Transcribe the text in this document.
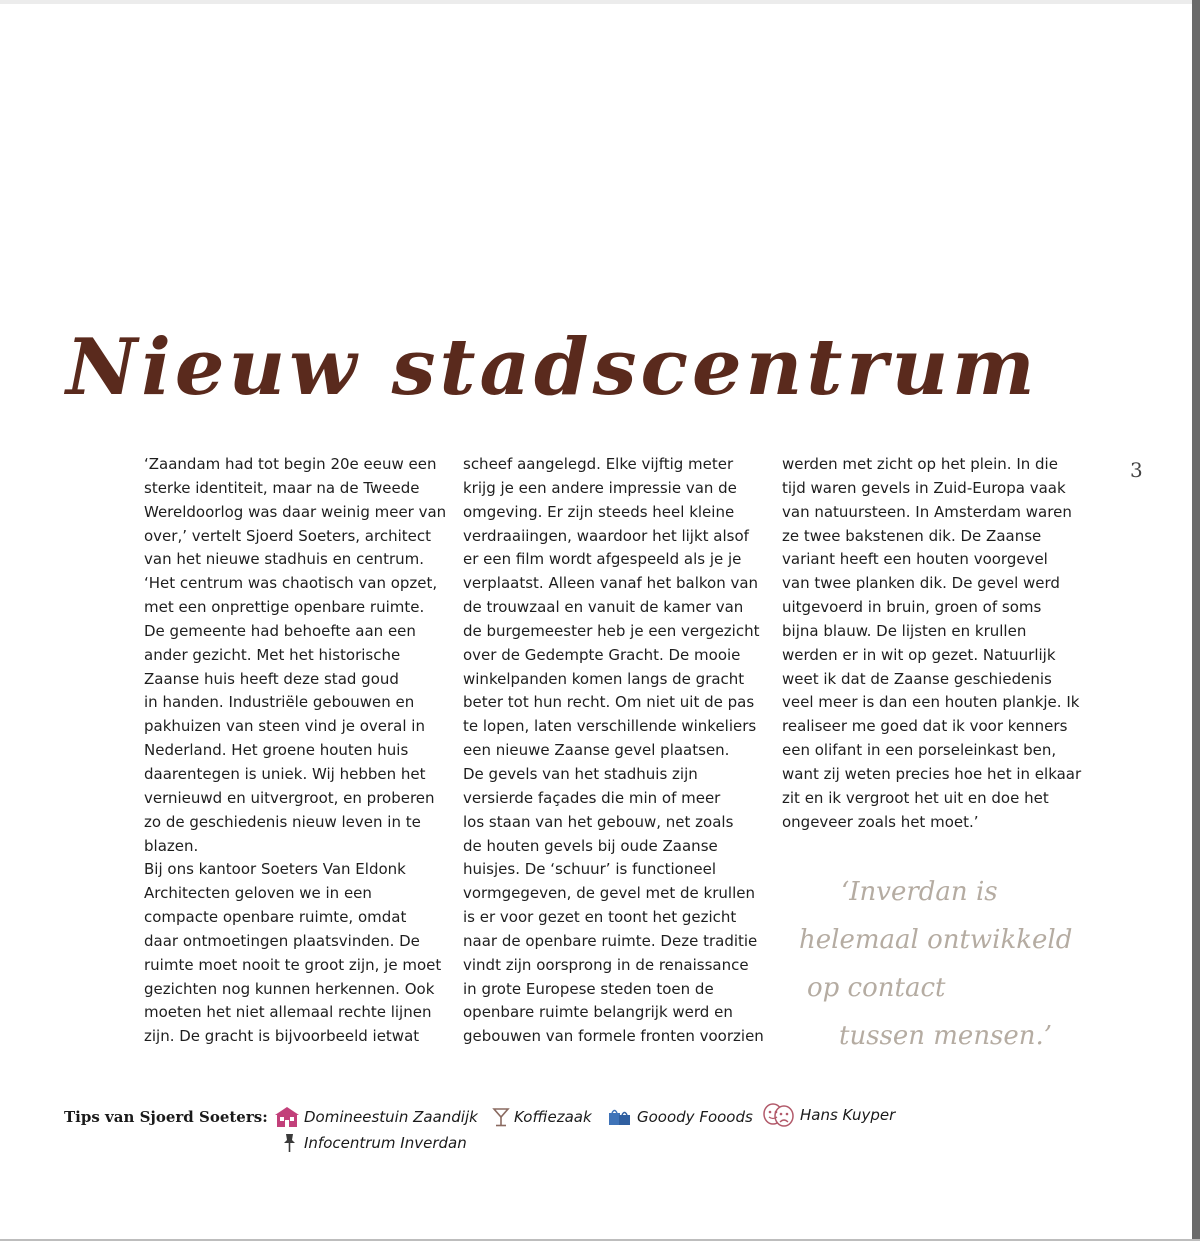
Nieuw stadscentrum
3
‘Zaandam had tot begin 20e eeuw een
sterke identiteit, maar na de Tweede
Wereldoorlog was daar weinig meer van
over,’ vertelt Sjoerd Soeters, architect
van het nieuwe stadhuis en centrum.
‘Het centrum was chaotisch van opzet,
met een onprettige openbare ruimte.
De gemeente had behoefte aan een
ander gezicht. Met het historische
Zaanse huis heeft deze stad goud
in handen. Industriële gebouwen en
pakhuizen van steen vind je overal in
Nederland. Het groene houten huis
daarentegen is uniek. Wij hebben het
vernieuwd en uitvergroot, en proberen
zo de geschiedenis nieuw leven in te
blazen.
Bij ons kantoor Soeters Van Eldonk
Architecten geloven we in een
compacte openbare ruimte, omdat
daar ontmoetingen plaatsvinden. De
ruimte moet nooit te groot zijn, je moet
gezichten nog kunnen herkennen. Ook
moeten het niet allemaal rechte lijnen
zijn. De gracht is bijvoorbeeld ietwat
scheef aangelegd. Elke vijftig meter
krijg je een andere impressie van de
omgeving. Er zijn steeds heel kleine
verdraaiingen, waardoor het lijkt alsof
er een film wordt afgespeeld als je je
verplaatst. Alleen vanaf het balkon van
de trouwzaal en vanuit de kamer van
de burgemeester heb je een vergezicht
over de Gedempte Gracht. De mooie
winkelpanden komen langs de gracht
beter tot hun recht. Om niet uit de pas
te lopen, laten verschillende winkeliers
een nieuwe Zaanse gevel plaatsen.
De gevels van het stadhuis zijn
versierde façades die min of meer
los staan van het gebouw, net zoals
de houten gevels bij oude Zaanse
huisjes. De ‘schuur’ is functioneel
vormgegeven, de gevel met de krullen
is er voor gezet en toont het gezicht
naar de openbare ruimte. Deze traditie
vindt zijn oorsprong in de renaissance
in grote Europese steden toen de
openbare ruimte belangrijk werd en
gebouwen van formele fronten voorzien
werden met zicht op het plein. In die
tijd waren gevels in Zuid-Europa vaak
van natuursteen. In Amsterdam waren
ze twee bakstenen dik. De Zaanse
variant heeft een houten voorgevel
van twee planken dik. De gevel werd
uitgevoerd in bruin, groen of soms
bijna blauw. De lijsten en krullen
werden er in wit op gezet. Natuurlijk
weet ik dat de Zaanse geschiedenis
veel meer is dan een houten plankje. Ik
realiseer me goed dat ik voor kenners
een olifant in een porseleinkast ben,
want zij weten precies hoe het in elkaar
zit en ik vergroot het uit en doe het
ongeveer zoals het moet.’
‘Inverdan is
helemaal ontwikkeld
op contact
tussen mensen.’
Tips van Sjoerd Soeters: Domineestuin Zaandijk Koffiezaak	Gooody Fooods	Hans Kuyper
Infocentrum Inverdan
